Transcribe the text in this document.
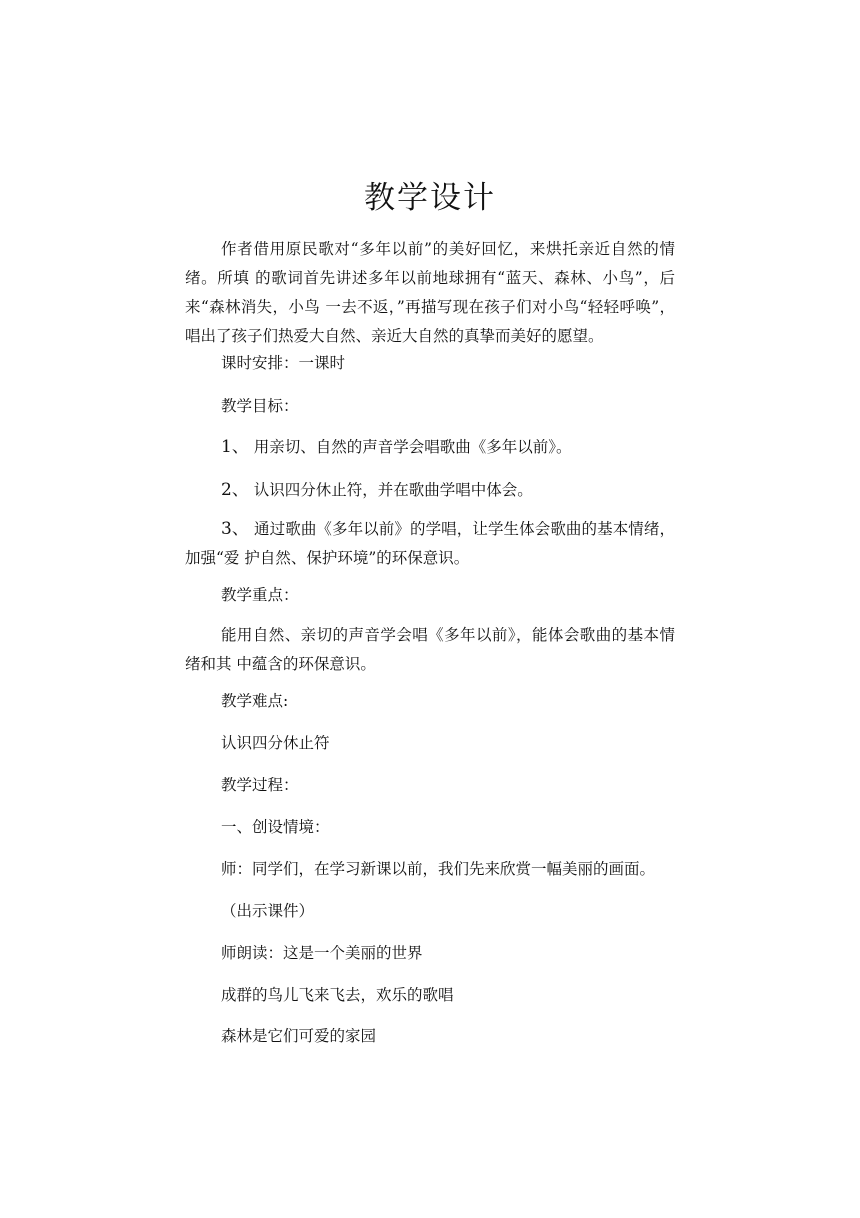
教学设计
作者借用原民歌对“多年以前”的美好回忆，来烘托亲近自然的情绪。所填 的歌词首先讲述多年以前地球拥有“蓝天、森林、小鸟”，后来“森林消失，小鸟 一去不返，”再描写现在孩子们对小鸟“轻轻呼唤”，唱出了孩子们热爱大自然、亲近大自然的真挚而美好的愿望。
课时安排：一课时
教学目标：
1、 用亲切、自然的声音学会唱歌曲《多年以前》。
2、 认识四分休止符，并在歌曲学唱中体会。
3、 通过歌曲《多年以前》的学唱，让学生体会歌曲的基本情绪，加强“爱 护自然、保护环境”的环保意识。
教学重点：
能用自然、亲切的声音学会唱《多年以前》，能体会歌曲的基本情绪和其 中蕴含的环保意识。
教学难点:
认识四分休止符
教学过程：
一、创设情境：
师：同学们，在学习新课以前，我们先来欣赏一幅美丽的画面。
（出示课件）
师朗读：这是一个美丽的世界
成群的鸟儿飞来飞去，欢乐的歌唱
森林是它们可爱的家园
